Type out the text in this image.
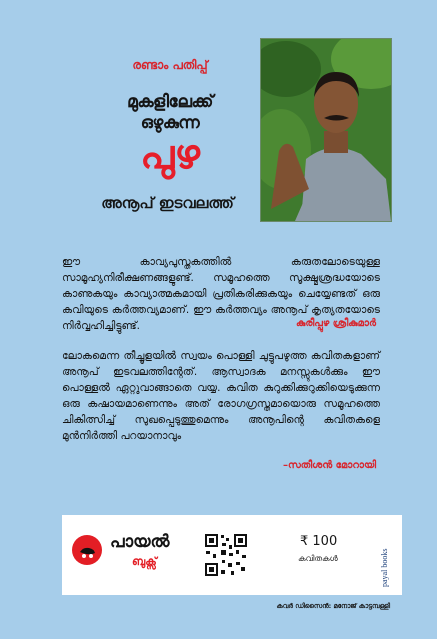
രണ്ടാം പതിപ്പ്
മുകളിലേക്ക്
ഒഴുകുന്ന
പുഴ
അനൂപ് ഇടവലത്ത്
ഈ കാവ്യപുസ്തകത്തിൽ കരുതലോടെയുള്ള സാമൂഹ്യനിരീക്ഷണങ്ങളുണ്ട്. സമൂഹത്തെ സൂക്ഷ്മശ്രദ്ധയോടെ കാണുകയും കാവ്യാത്മകമായി പ്രതികരിക്കുകയും ചെയ്യേണ്ടത് ഒരു കവിയുടെ കർത്തവ്യമാണ്. ഈ കർത്തവ്യം അനൂപ് കൃത്യതയോടെ നിർവ്വഹിച്ചിട്ടുണ്ട്.	കുരീപ്പുഴ ശ്രീകുമാർ
ലോകമെന്ന തീച്ചൂളയിൽ സ്വയം പൊള്ളി ചുട്ടുപഴുത്ത കവിതകളാണ് അനൂപ് ഇടവലത്തിന്റേത്. ആസ്വാദക മനസ്സുകൾക്കും ഈ പൊള്ളൽ ഏറ്റുവാങ്ങാതെ വയ്യ. കവിത കുറുക്കിക്കുറുക്കിയെടുക്കുന്ന ഒരു കഷായമാണെന്നും അത് രോഗഗ്രസ്തമായൊരു സമൂഹത്തെ ചികിത്സിച്ച് സുഖപ്പെടുത്തുമെന്നും അനൂപിന്റെ കവിതകളെ മുൻനിർത്തി പറയാനാവും
–സതീശൻ മോറായി
പായൽ
ബുക്സ്
₹ 100
കവിതകൾ	payal books
കവർ ഡിസൈൻ: മനോജ് കാട്ടമ്പള്ളി
